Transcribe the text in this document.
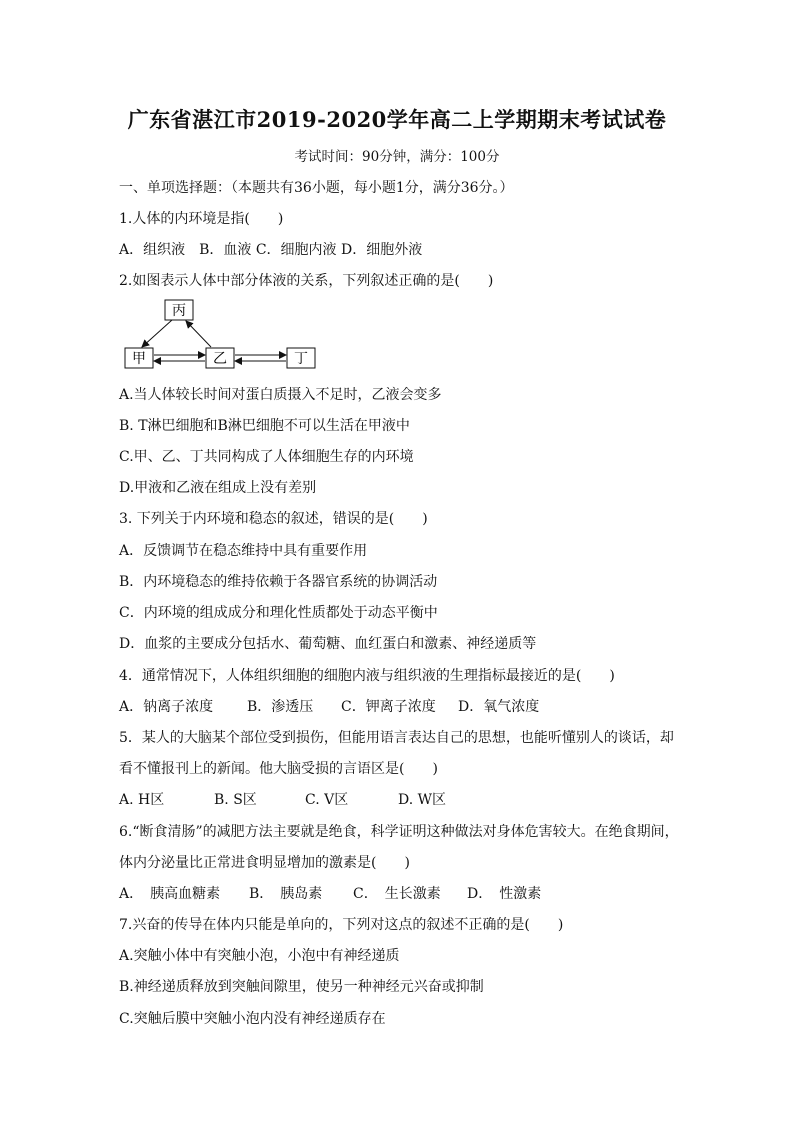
广东省湛江市2019-2020学年高二上学期期末考试试卷
考试时间：90分钟，满分：100分
一、单项选择题：（本题共有36小题，每小题1分，满分36分。）
1.人体的内环境是指(　　)
A．组织液　B．血液 C．细胞内液 D．细胞外液
2.如图表示人体中部分体液的关系，下列叙述正确的是(　　)
丙
甲	乙	丁
A.当人体较长时间对蛋白质摄入不足时，乙液会变多
B. T淋巴细胞和B淋巴细胞不可以生活在甲液中
C.甲、乙、丁共同构成了人体细胞生存的内环境
D.甲液和乙液在组成上没有差别
3. 下列关于内环境和稳态的叙述，错误的是(　　)
A．反馈调节在稳态维持中具有重要作用
B．内环境稳态的维持依赖于各器官系统的协调活动
C．内环境的组成成分和理化性质都处于动态平衡中
D．血浆的主要成分包括水、葡萄糖、血红蛋白和激素、神经递质等
4．通常情况下，人体组织细胞的细胞内液与组织液的生理指标最接近的是(　　)
A．钠离子浓度 B．渗透压 C．钾离子浓度 D．氧气浓度
5．某人的大脑某个部位受到损伤，但能用语言表达自己的思想，也能听懂别人的谈话，却
看不懂报刊上的新闻。他大脑受损的言语区是(　　)
A. H区	B. S区	C. V区	D. W区
6.“断食清肠”的减肥方法主要就是绝食，科学证明这种做法对身体危害较大。在绝食期间，
体内分泌量比正常进食明显增加的激素是(　　)
A．　胰高血糖素 B．　胰岛素 C．　生长激素 D．　性激素
7.兴奋的传导在体内只能是单向的，下列对这点的叙述不正确的是(　　)
A.突触小体中有突触小泡，小泡中有神经递质
B.神经递质释放到突触间隙里，使另一种神经元兴奋或抑制
C.突触后膜中突触小泡内没有神经递质存在
